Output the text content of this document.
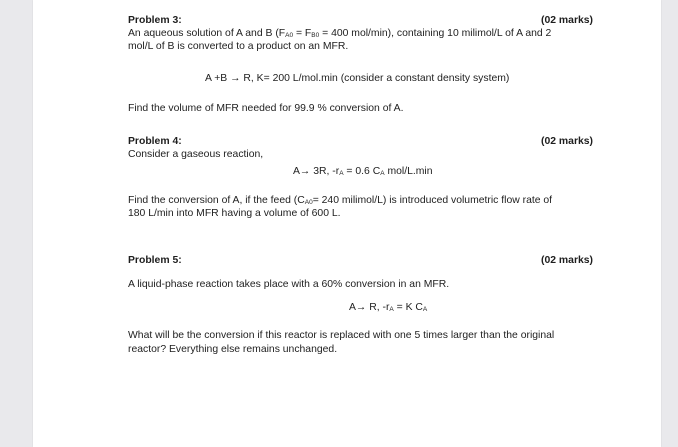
Problem 3:	(02 marks)
An aqueous solution of A and B ($F_{A0} = F_{B0} = 400$ mol/min), containing 10 milimol/L of A and 2
mol/L of B is converted to a product on an MFR.
A +B → R, K= 200 L/mol.min (consider a constant density system)
Find the volume of MFR needed for 99.9 % conversion of A.
Problem 4:	(02 marks)
Consider a gaseous reaction,
A→ 3R, $-r_A = 0.6$ $C_A$ mol/L.min
Find the conversion of A, if the feed ($C_{A0}= 240$ milimol/L) is introduced volumetric flow rate of
180 L/min into MFR having a volume of 600 L.
Problem 5:	(02 marks)
A liquid-phase reaction takes place with a 60% conversion in an MFR.
A→ R, $-r_A = K$ $C_A$
What will be the conversion if this reactor is replaced with one 5 times larger than the original
reactor? Everything else remains unchanged.
